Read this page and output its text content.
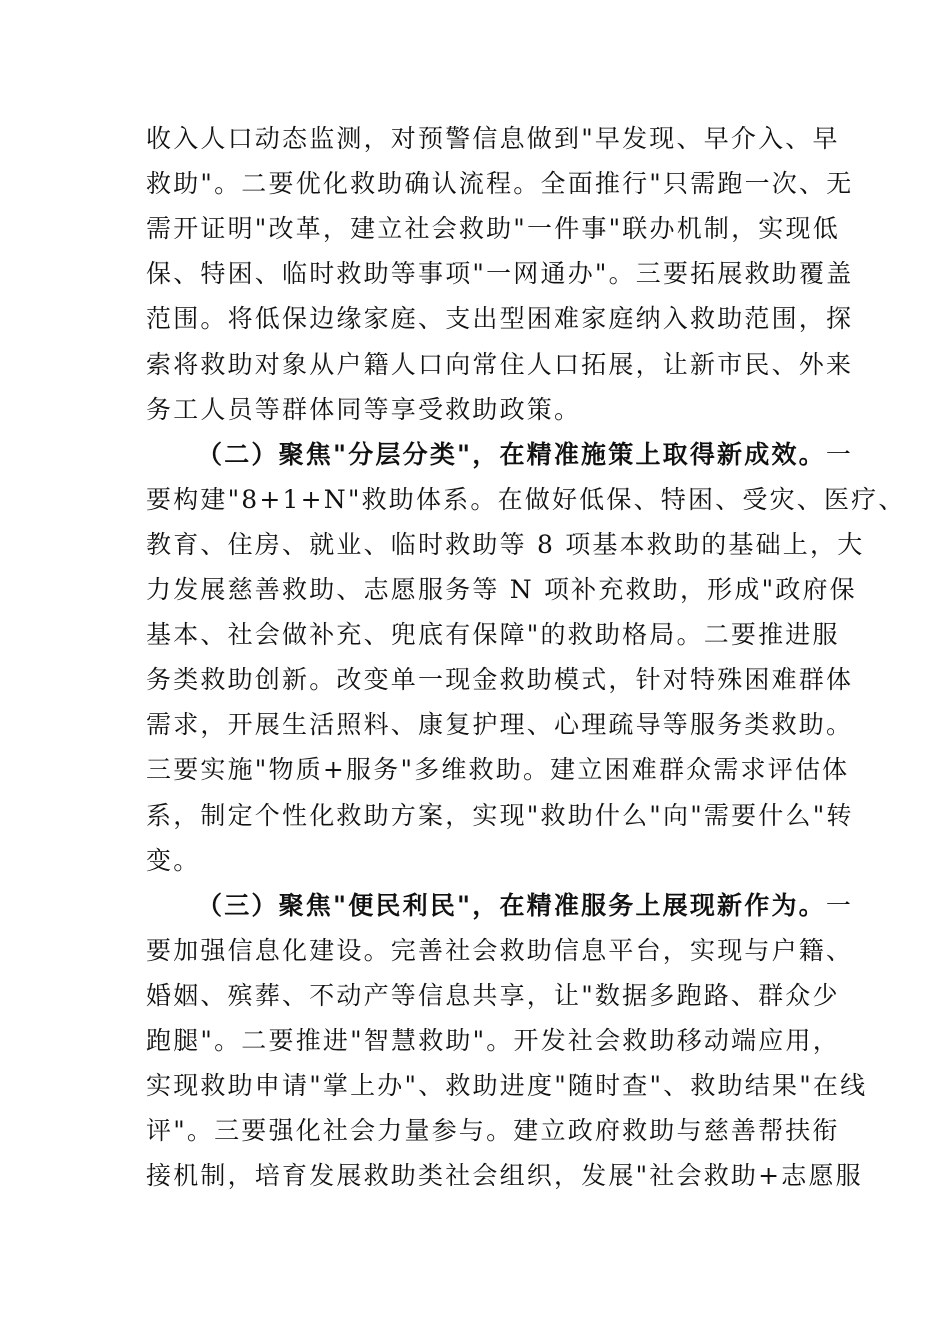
收入人口动态监测，对预警信息做到"早发现、早介入、早
救助"。二要优化救助确认流程。全面推行"只需跑一次、无
需开证明"改革，建立社会救助"一件事"联办机制，实现低
保、特困、临时救助等事项"一网通办"。三要拓展救助覆盖
范围。将低保边缘家庭、支出型困难家庭纳入救助范围，探
索将救助对象从户籍人口向常住人口拓展，让新市民、外来
务工人员等群体同等享受救助政策。
（二）聚焦"分层分类"，在精准施策上取得新成效。一
要构建"8+1+N"救助体系。在做好低保、特困、受灾、医疗、
教育、住房、就业、临时救助等 8 项基本救助的基础上，大
力发展慈善救助、志愿服务等 N 项补充救助，形成"政府保
基本、社会做补充、兜底有保障"的救助格局。二要推进服
务类救助创新。改变单一现金救助模式，针对特殊困难群体
需求，开展生活照料、康复护理、心理疏导等服务类救助。
三要实施"物质+服务"多维救助。建立困难群众需求评估体
系，制定个性化救助方案，实现"救助什么"向"需要什么"转
变。
（三）聚焦"便民利民"，在精准服务上展现新作为。一
要加强信息化建设。完善社会救助信息平台，实现与户籍、
婚姻、殡葬、不动产等信息共享，让"数据多跑路、群众少
跑腿"。二要推进"智慧救助"。开发社会救助移动端应用，
实现救助申请"掌上办"、救助进度"随时查"、救助结果"在线
评"。三要强化社会力量参与。建立政府救助与慈善帮扶衔
接机制，培育发展救助类社会组织，发展"社会救助+志愿服
